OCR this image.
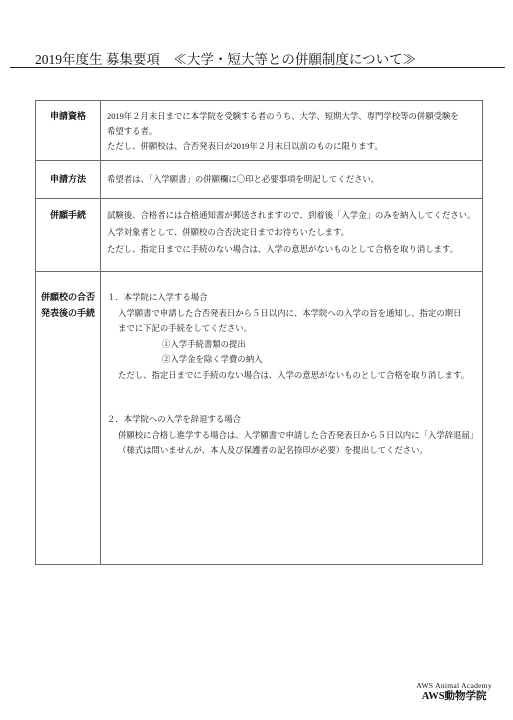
2019年度生 募集要項　≪大学・短大等との併願制度について≫
申請資格	2019年２月末日までに本学院を受験する者のうち、大学、短期大学、専門学校等の併願受験を
希望する者。
ただし、併願校は、合否発表日が2019年２月末日以前のものに限ります。
申請方法	希望者は、「入学願書」の併願欄に〇印と必要事項を明記してください。
併願手続	試験後、合格者には合格通知書が郵送されますので、到着後「入学金」のみを納入してください。
入学対象者として、併願校の合否決定日までお待ちいたします。
ただし、指定日までに手続のない場合は、入学の意思がないものとして合格を取り消します。
併願校の合否
発表後の手続
１．本学院に入学する場合
入学願書で申請した合否発表日から５日以内に、本学院への入学の旨を通知し、指定の期日
までに下記の手続をしてください。
①入学手続書類の提出
②入学金を除く学費の納入
ただし、指定日までに手続のない場合は、入学の意思がないものとして合格を取り消します。
２．本学院への入学を辞退する場合
併願校に合格し進学する場合は、入学願書で申請した合否発表日から５日以内に「入学辞退届」
（様式は問いませんが、本人及び保護者の記名捺印が必要）を提出してください。
AWS Animal Academy
AWS動物学院
